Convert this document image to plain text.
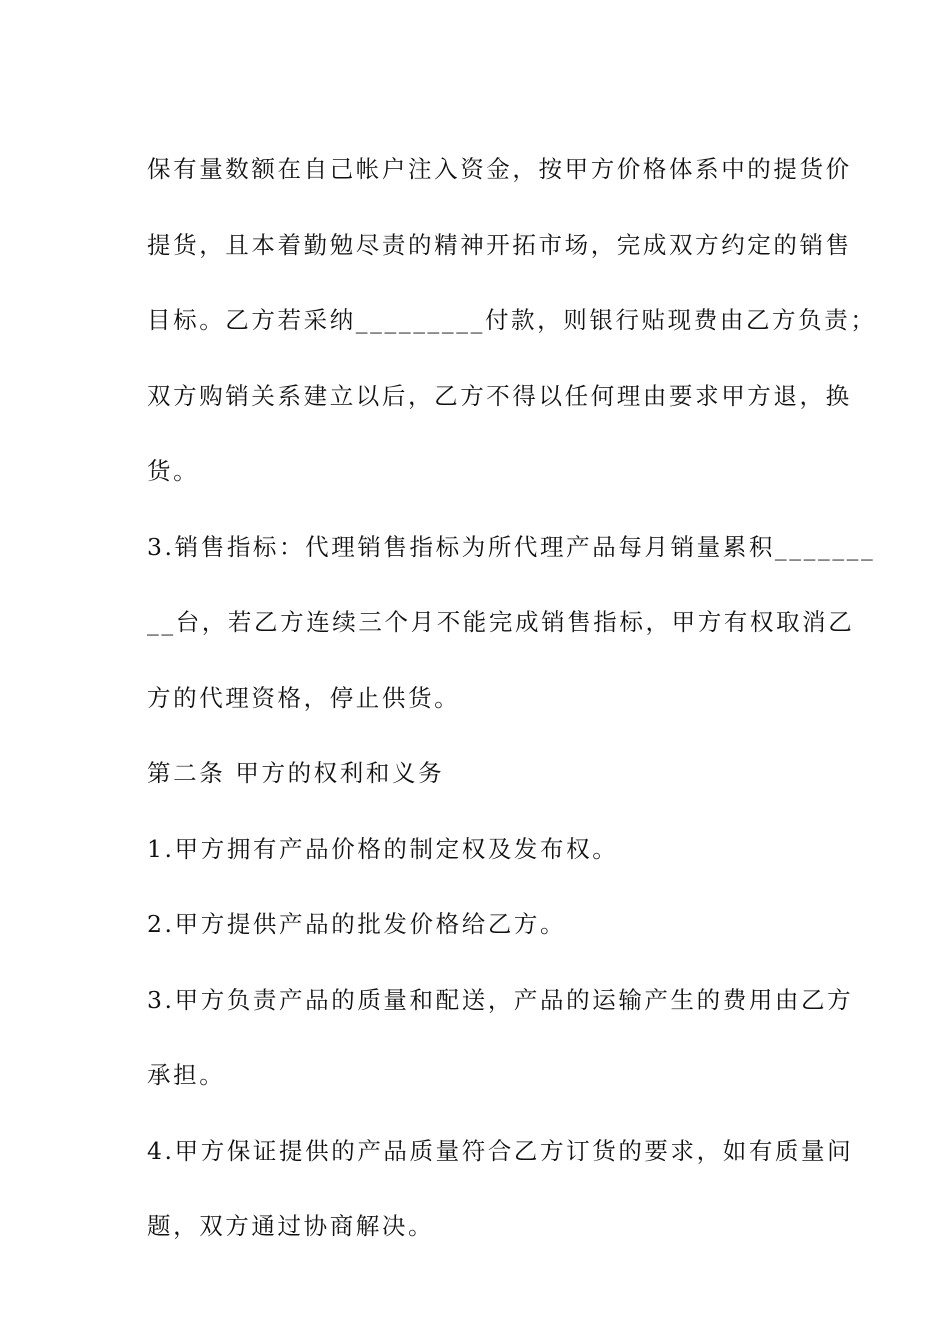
保有量数额在自己帐户注入资金，按甲方价格体系中的提货价
提货，且本着勤勉尽责的精神开拓市场，完成双方约定的销售
目标。乙方若采纳_________付款，则银行贴现费由乙方负责；
双方购销关系建立以后，乙方不得以任何理由要求甲方退，换
货。
3.销售指标：代理销售指标为所代理产品每月销量累积_______
__台，若乙方连续三个月不能完成销售指标，甲方有权取消乙
方的代理资格，停止供货。
第二条 甲方的权利和义务
1.甲方拥有产品价格的制定权及发布权。
2.甲方提供产品的批发价格给乙方。
3.甲方负责产品的质量和配送，产品的运输产生的费用由乙方
承担。
4.甲方保证提供的产品质量符合乙方订货的要求，如有质量问
题，双方通过协商解决。
